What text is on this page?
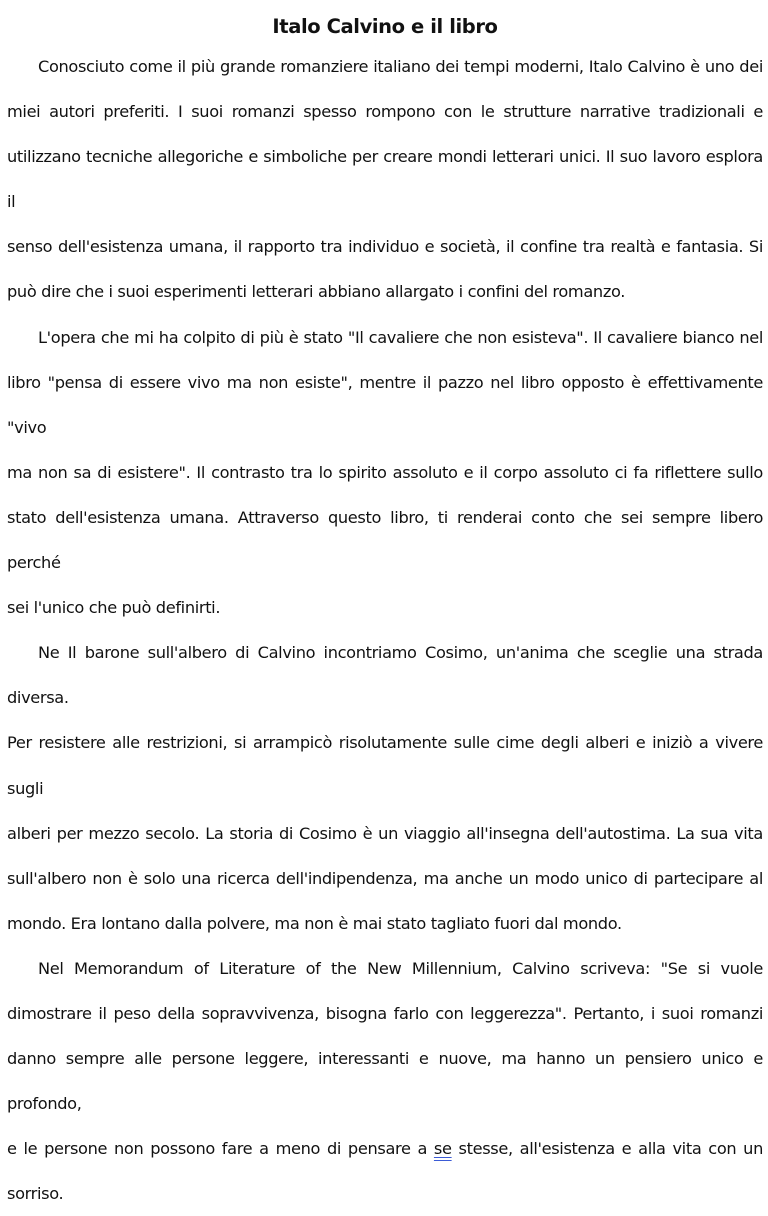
Italo Calvino e il libro

Conosciuto come il più grande romanziere italiano dei tempi moderni, Italo Calvino è uno dei
miei autori preferiti. I suoi romanzi spesso rompono con le strutture narrative tradizionali e
utilizzano tecniche allegoriche e simboliche per creare mondi letterari unici. Il suo lavoro esplora il
senso dell'esistenza umana, il rapporto tra individuo e società, il confine tra realtà e fantasia. Si
può dire che i suoi esperimenti letterari abbiano allargato i confini del romanzo.

L'opera che mi ha colpito di più è stato "Il cavaliere che non esisteva". Il cavaliere bianco nel
libro "pensa di essere vivo ma non esiste", mentre il pazzo nel libro opposto è effettivamente "vivo
ma non sa di esistere". Il contrasto tra lo spirito assoluto e il corpo assoluto ci fa riflettere sullo
stato dell'esistenza umana. Attraverso questo libro, ti renderai conto che sei sempre libero perché
sei l'unico che può definirti.

Ne Il barone sull'albero di Calvino incontriamo Cosimo, un'anima che sceglie una strada diversa.
Per resistere alle restrizioni, si arrampicò risolutamente sulle cime degli alberi e iniziò a vivere sugli
alberi per mezzo secolo. La storia di Cosimo è un viaggio all'insegna dell'autostima. La sua vita
sull'albero non è solo una ricerca dell'indipendenza, ma anche un modo unico di partecipare al
mondo. Era lontano dalla polvere, ma non è mai stato tagliato fuori dal mondo.

Nel Memorandum of Literature of the New Millennium, Calvino scriveva: "Se si vuole
dimostrare il peso della sopravvivenza, bisogna farlo con leggerezza". Pertanto, i suoi romanzi
danno sempre alle persone leggere, interessanti e nuove, ma hanno un pensiero unico e profondo,
e le persone non possono fare a meno di pensare a se stesse, all'esistenza e alla vita con un sorriso.
